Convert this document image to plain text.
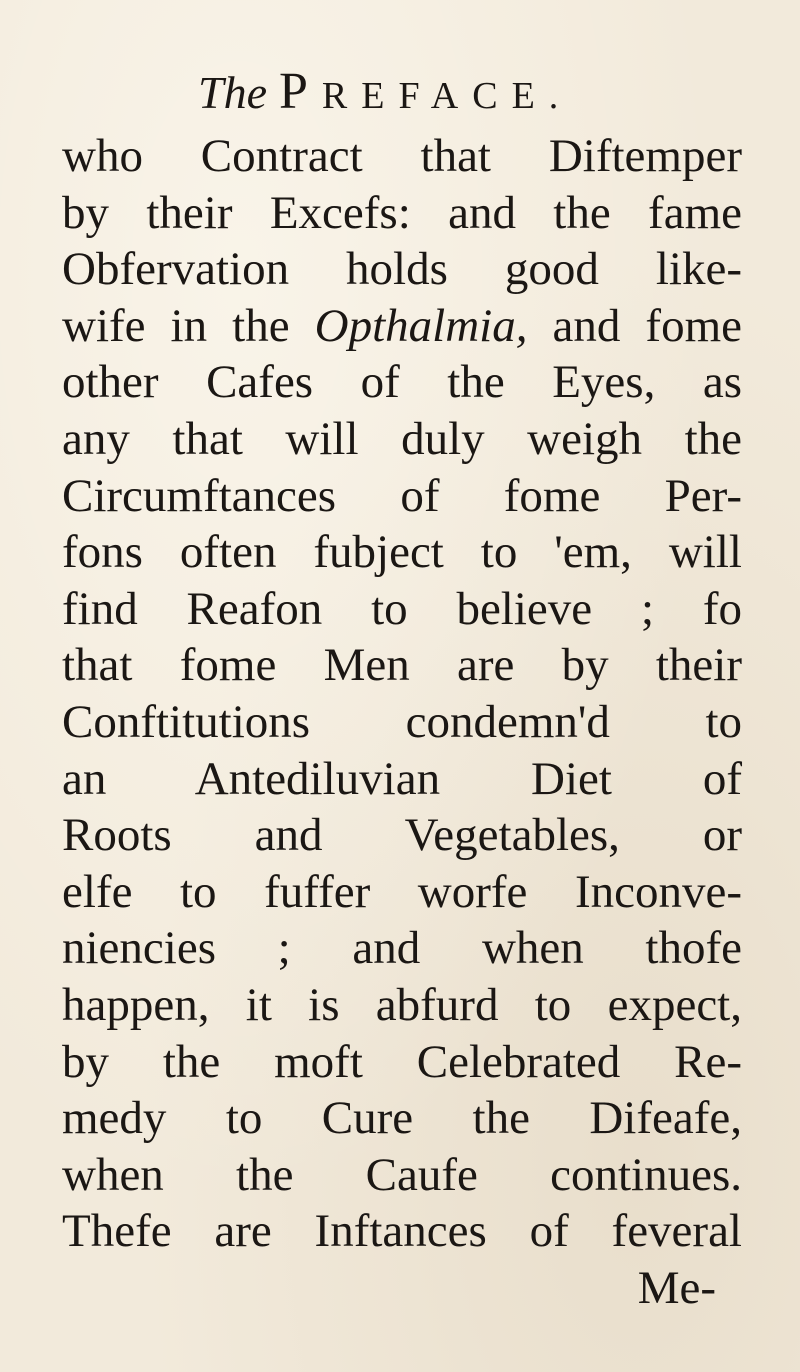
The PREFACE.
who Contract that Diftemper
by their Excefs: and the fame
Obfervation holds good like-
wife in the Opthalmia, and fome
other Cafes of the Eyes, as
any that will duly weigh the
Circumftances of fome Per-
fons often fubject to 'em, will
find Reafon to believe ; fo
that fome Men are by their
Conftitutions condemn'd to
an Antediluvian Diet of
Roots and Vegetables, or
elfe to fuffer worfe Inconve-
niencies ; and when thofe
happen, it is abfurd to expect,
by the moft Celebrated Re-
medy to Cure the Difeafe,
when the Caufe continues.
Thefe are Inftances of feveral
Me-
